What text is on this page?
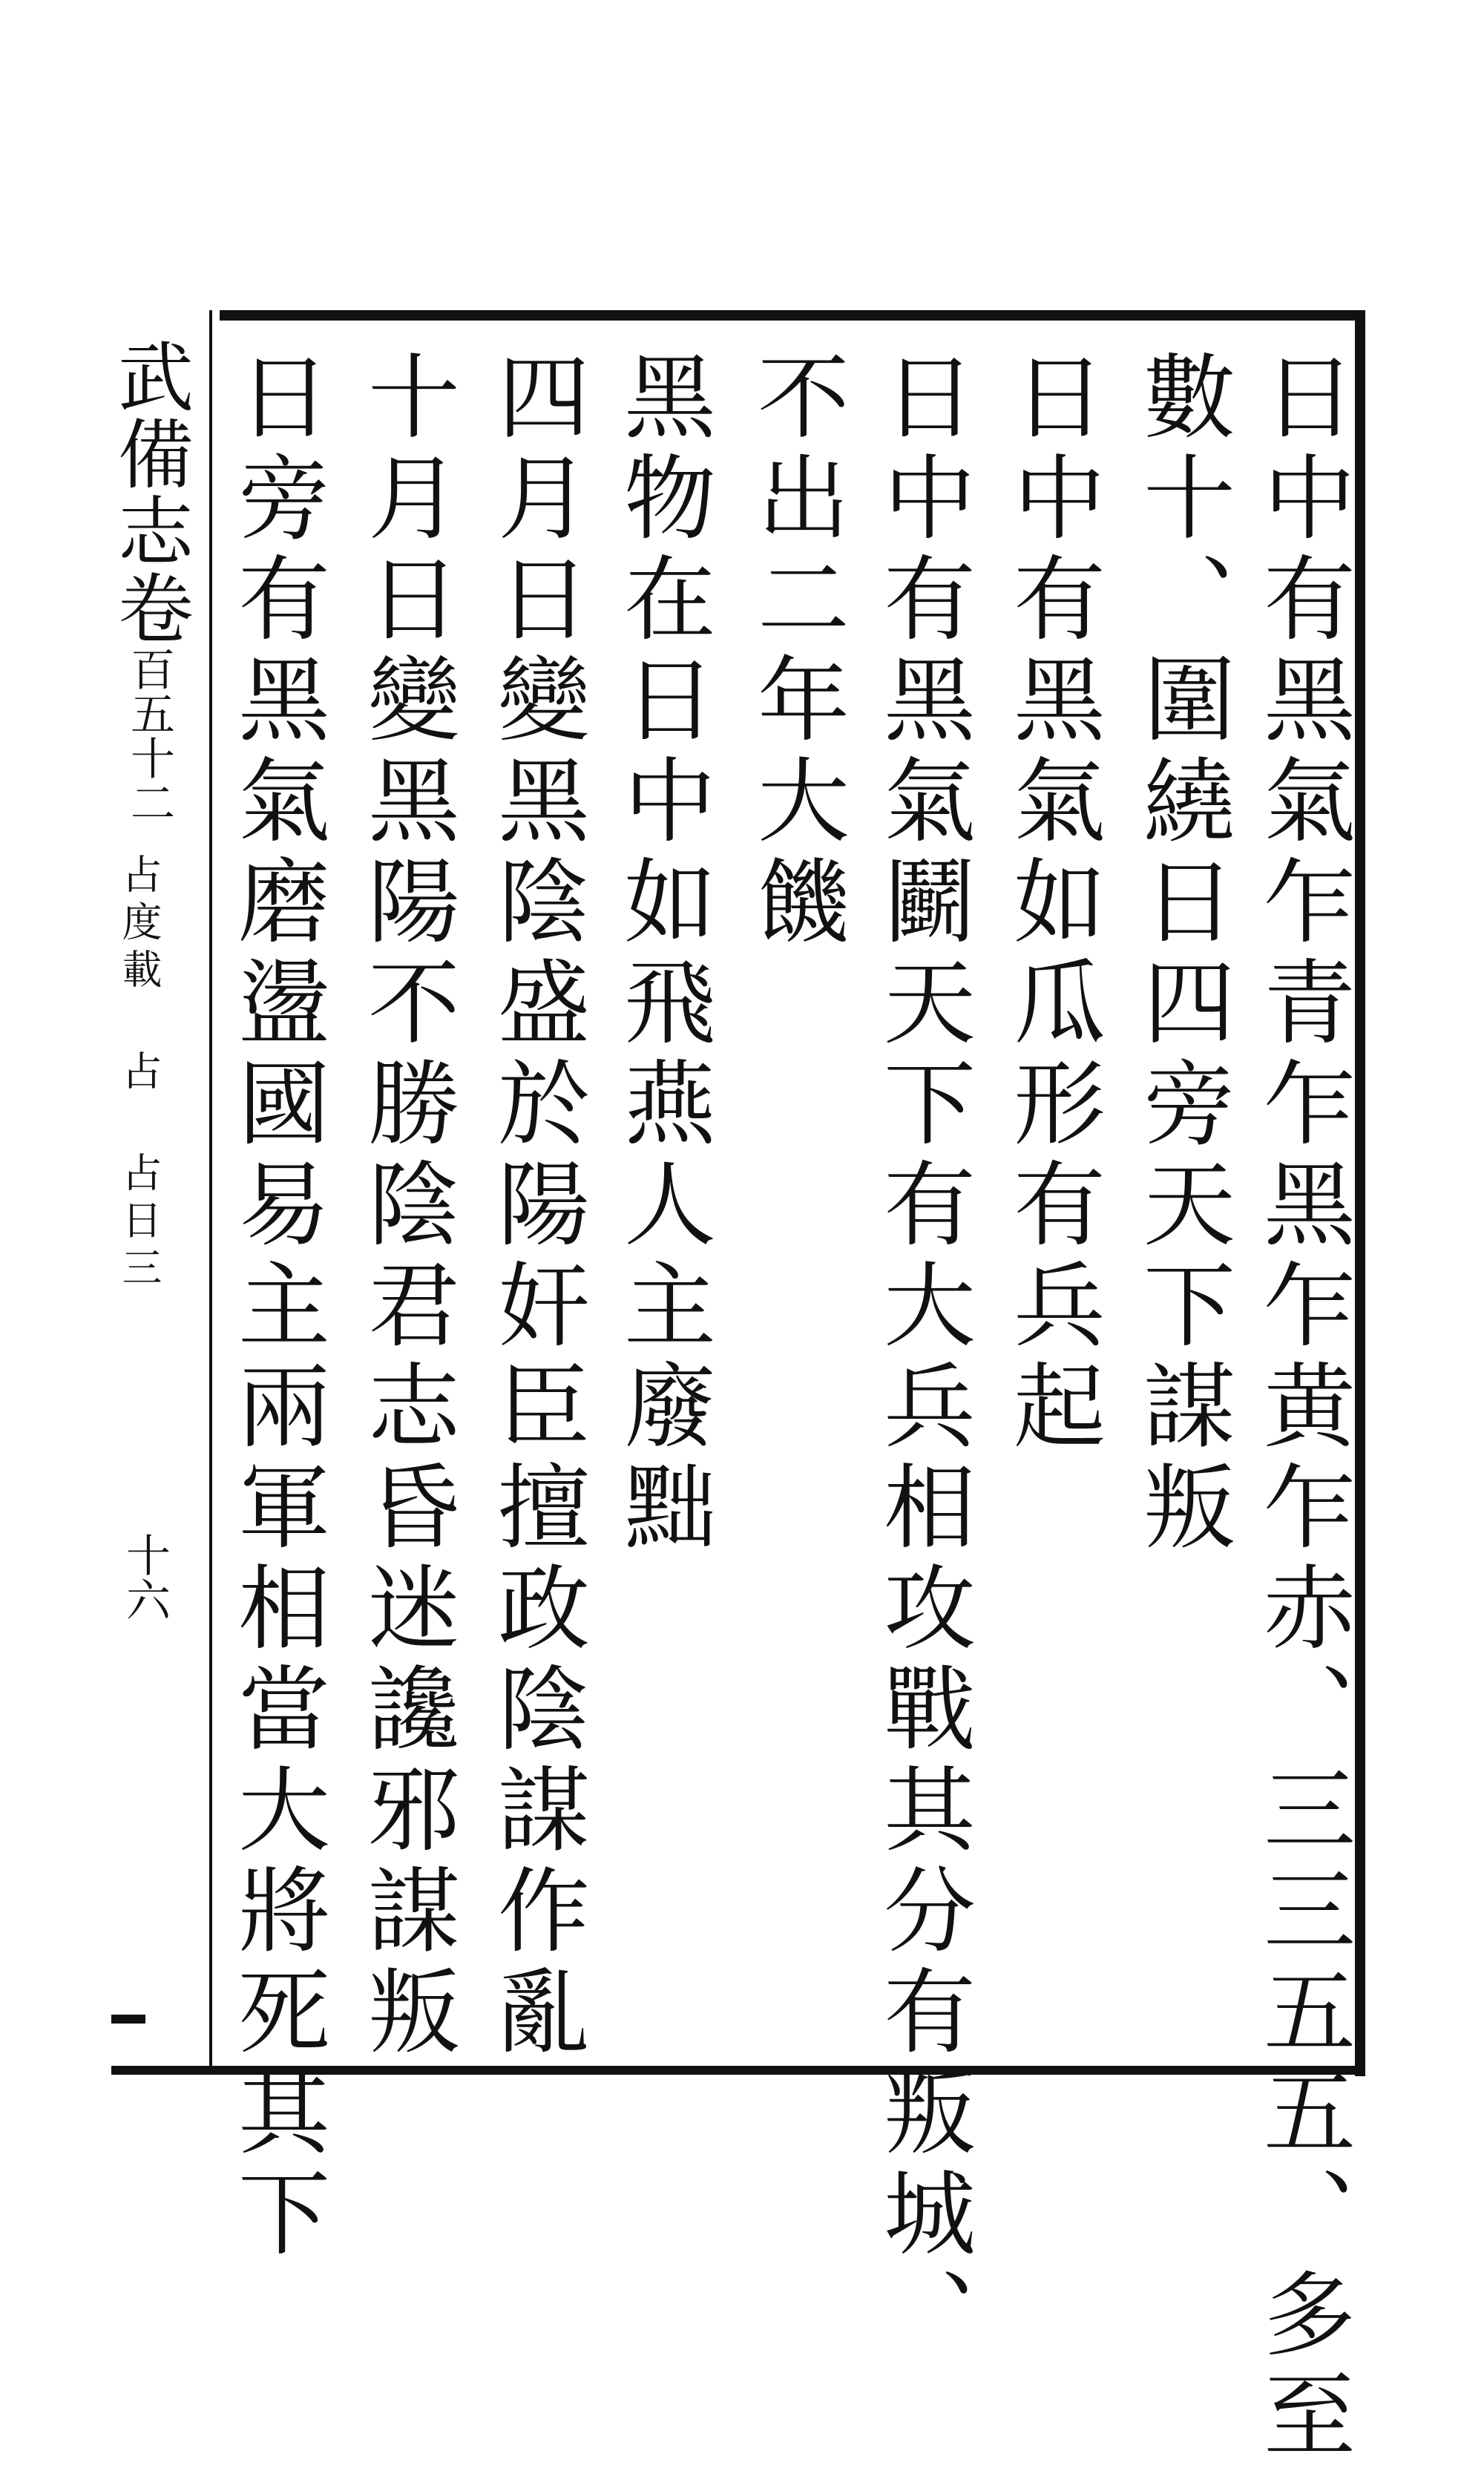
日中有黑氣乍青乍黑乍黄乍赤、三三五五、多至
數十、圍繞日四旁天下謀叛
日中有黑氣如瓜形有兵起
日中有黑氣鬬天下有大兵相攻戰其分有叛城、
不出二年大饑
黑物在日中如飛燕人主廢黜
四月日變黑陰盛於陽奸臣擅政陰謀作亂
十月日變黑陽不勝陰君志昏迷讒邪謀叛
日旁有黑氣磨盪國易主兩軍相當大將死其下
武備志卷百五十二
占度載 占 占日三
十六
